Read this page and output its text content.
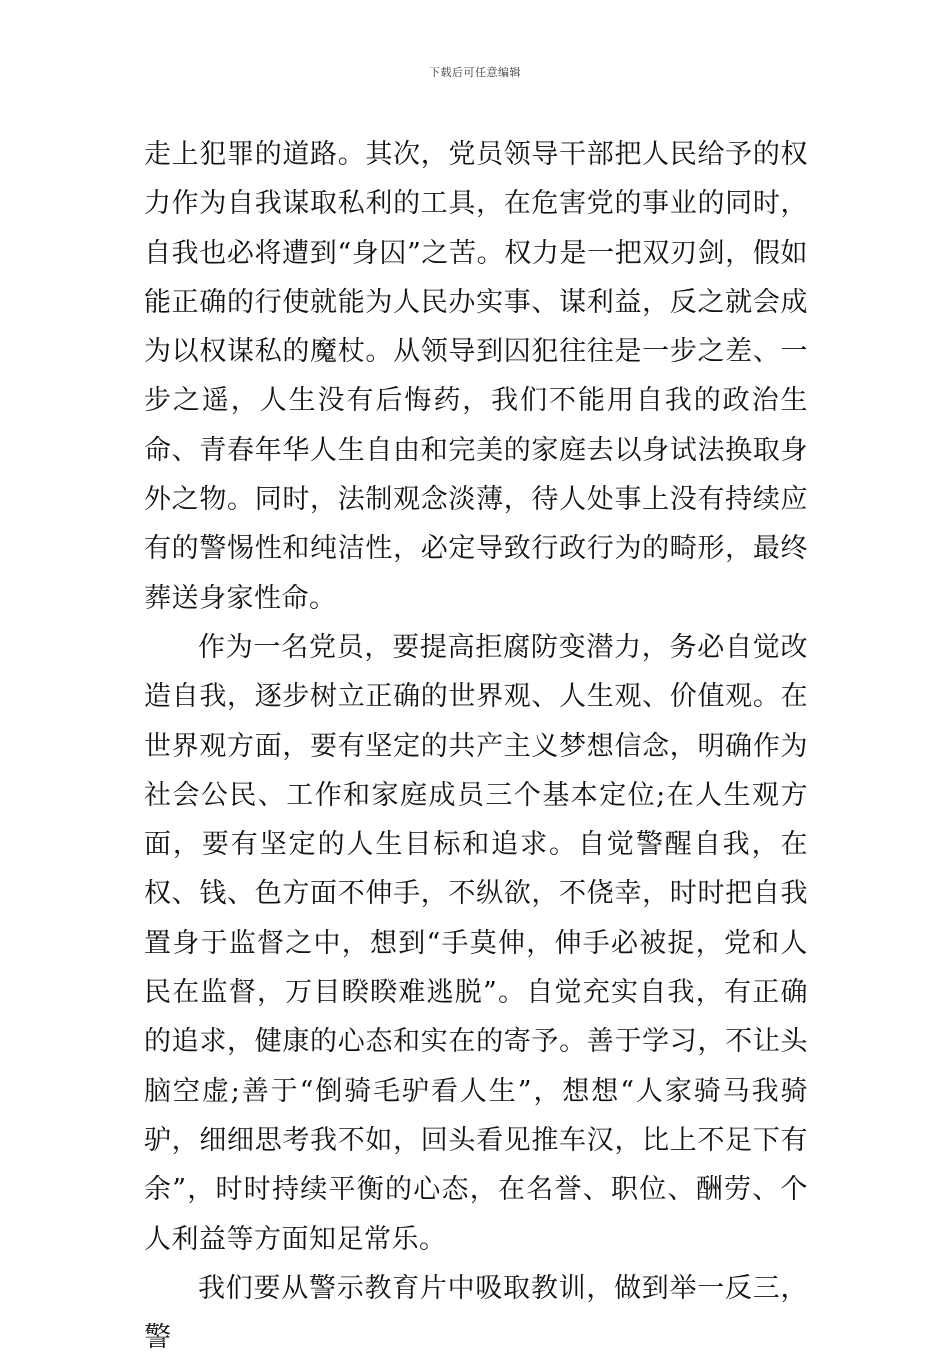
下载后可任意编辑

走上犯罪的道路。其次，党员领导干部把人民给予的权力作为自我谋取私利的工具，在危害党的事业的同时，自我也必将遭到“身囚”之苦。权力是一把双刃剑，假如能正确的行使就能为人民办实事、谋利益，反之就会成为以权谋私的魔杖。从领导到囚犯往往是一步之差、一步之遥，人生没有后悔药，我们不能用自我的政治生命、青春年华人生自由和完美的家庭去以身试法换取身外之物。同时，法制观念淡薄，待人处事上没有持续应有的警惕性和纯洁性，必定导致行政行为的畸形，最终葬送身家性命。

作为一名党员，要提高拒腐防变潜力，务必自觉改造自我，逐步树立正确的世界观、人生观、价值观。在世界观方面，要有坚定的共产主义梦想信念，明确作为社会公民、工作和家庭成员三个基本定位;在人生观方面，要有坚定的人生目标和追求。自觉警醒自我，在权、钱、色方面不伸手，不纵欲，不侥幸，时时把自我置身于监督之中，想到“手莫伸，伸手必被捉，党和人民在监督，万目睽睽难逃脱”。自觉充实自我，有正确的追求，健康的心态和实在的寄予。善于学习，不让头脑空虚;善于“倒骑毛驴看人生”，想想“人家骑马我骑驴，细细思考我不如，回头看见推车汉，比上不足下有余”，时时持续平衡的心态，在名誉、职位、酬劳、个人利益等方面知足常乐。

我们要从警示教育片中吸取教训，做到举一反三，警
